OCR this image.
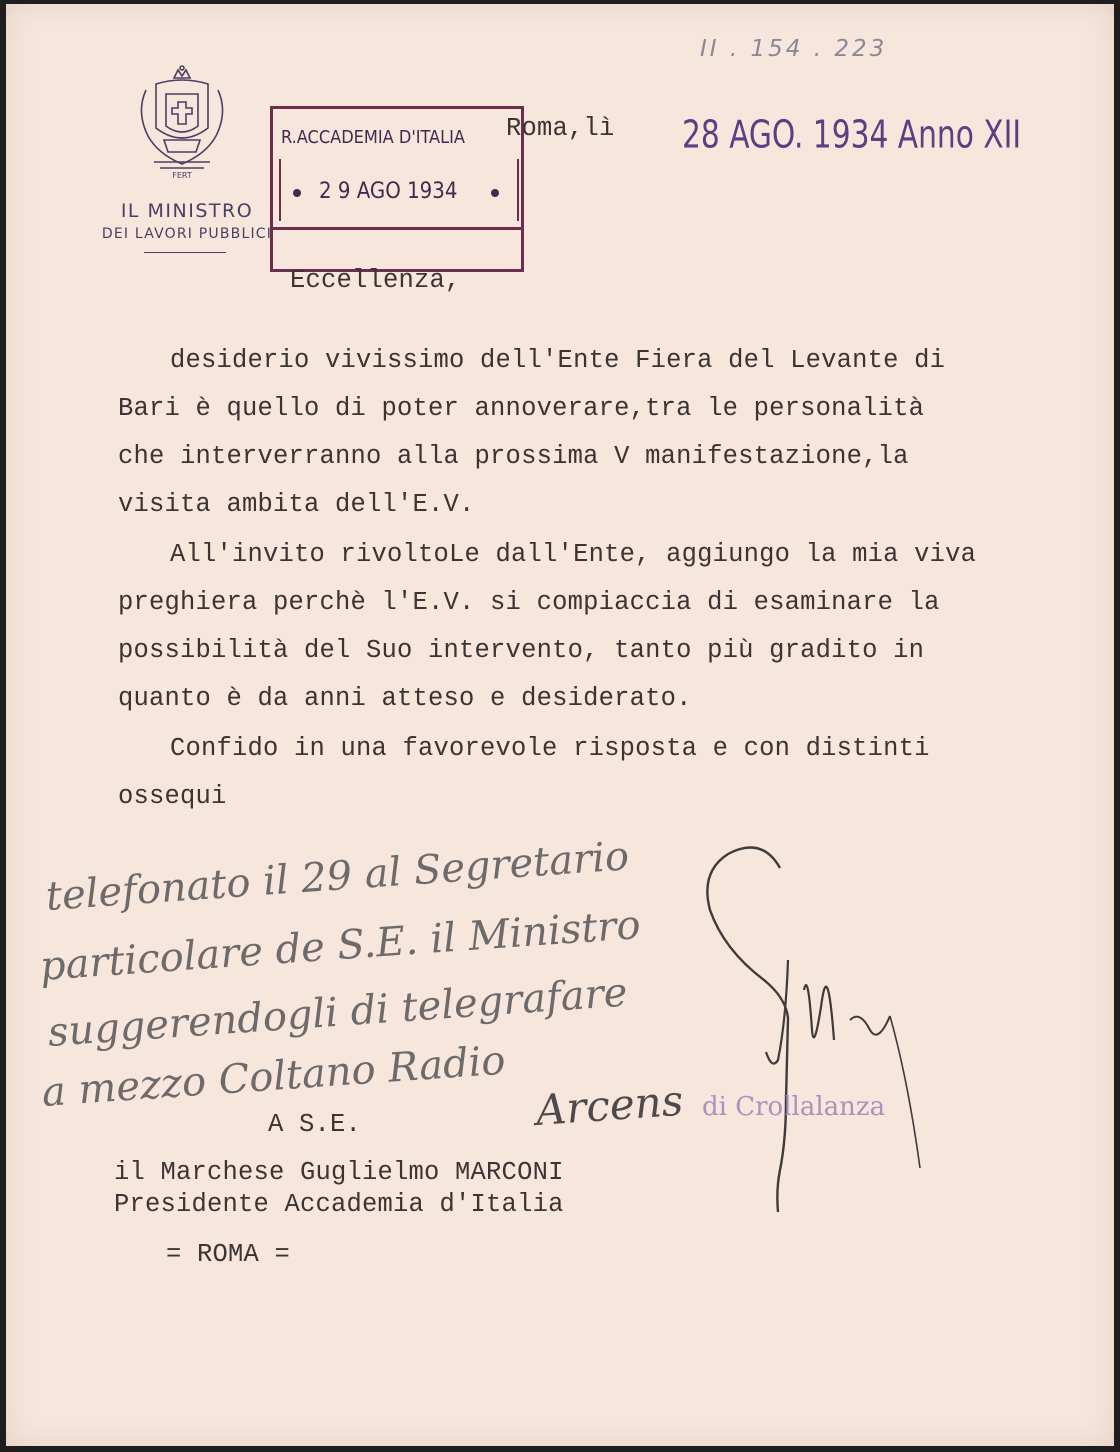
II . 154 . 223
FERT
IL MINISTRO
DEI LAVORI PUBBLICI
R.ACCADEMIA D'ITALIA
2 9 AGO 1934
Roma,lì 28 AGO. 1934 Anno XII
Eccellenza,
desiderio vivissimo dell'Ente Fiera del Levante di
Bari è quello di poter annoverare,tra le personalità
che interverranno alla prossima V manifestazione,la
visita ambita dell'E.V.
All'invito rivoltoLe dall'Ente, aggiungo la mia viva
preghiera perchè l'E.V. si compiaccia di esaminare la
possibilità del Suo intervento, tanto più gradito in
quanto è da anni atteso e desiderato.
Confido in una favorevole risposta e con distinti
ossequi
telefonato il 29 al Segretario
particolare de S.E. il Ministro
suggerendogli di telegrafare
a mezzo Coltano Radio Arcens di Crollalanza
A S.E.
il Marchese Guglielmo MARCONI
Presidente Accademia d'Italia
= ROMA =
